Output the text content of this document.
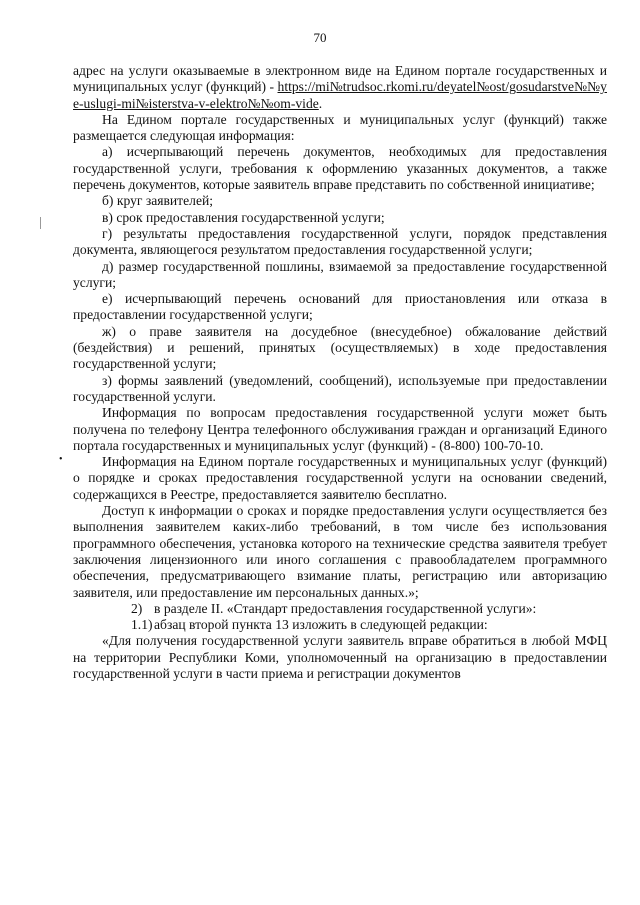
70
•

адрес на услуги оказываемые в электронном виде на Едином портале государственных и муниципальных услуг (функций) - https://mi№trudsoc.rkomi.ru/deyatel№ost/gosudarstve№№ye-uslugi-mi№isterstva-v-elektro№№om-vide.

На Едином портале государственных и муниципальных услуг (функций) также размещается следующая информация:

а) исчерпывающий перечень документов, необходимых для предоставления государственной услуги, требования к оформлению указанных документов, а также перечень документов, которые заявитель вправе представить по собственной инициативе;

б) круг заявителей;

в) срок предоставления государственной услуги;

г) результаты предоставления государственной услуги, порядок представления документа, являющегося результатом предоставления государственной услуги;

д) размер государственной пошлины, взимаемой за предоставление государственной услуги;

е) исчерпывающий перечень оснований для приостановления или отказа в предоставлении государственной услуги;

ж) о праве заявителя на досудебное (внесудебное) обжалование действий (бездействия) и решений, принятых (осуществляемых) в ходе предоставления государственной услуги;

з) формы заявлений (уведомлений, сообщений), используемые при предоставлении государственной услуги.

Информация по вопросам предоставления государственной услуги может быть получена по телефону Центра телефонного обслуживания граждан и организаций Единого портала государственных и муниципальных услуг (функций) - (8-800) 100-70-10.

Информация на Едином портале государственных и муниципальных услуг (функций) о порядке и сроках предоставления государственной услуги на основании сведений, содержащихся в Реестре, предоставляется заявителю бесплатно.

Доступ к информации о сроках и порядке предоставления услуги осуществляется без выполнения заявителем каких-либо требований, в том числе без использования программного обеспечения, установка которого на технические средства заявителя требует заключения лицензионного или иного соглашения с правообладателем программного обеспечения, предусматривающего взимание платы, регистрацию или авторизацию заявителя, или предоставление им персональных данных.»;

2) в разделе II. «Стандарт предоставления государственной услуги»:

1.1)абзац второй пункта 13 изложить в следующей редакции:

«Для получения государственной услуги заявитель вправе обратиться в любой МФЦ на территории Республики Коми, уполномоченный на организацию в предоставлении государственной услуги в части приема и регистрации документов
